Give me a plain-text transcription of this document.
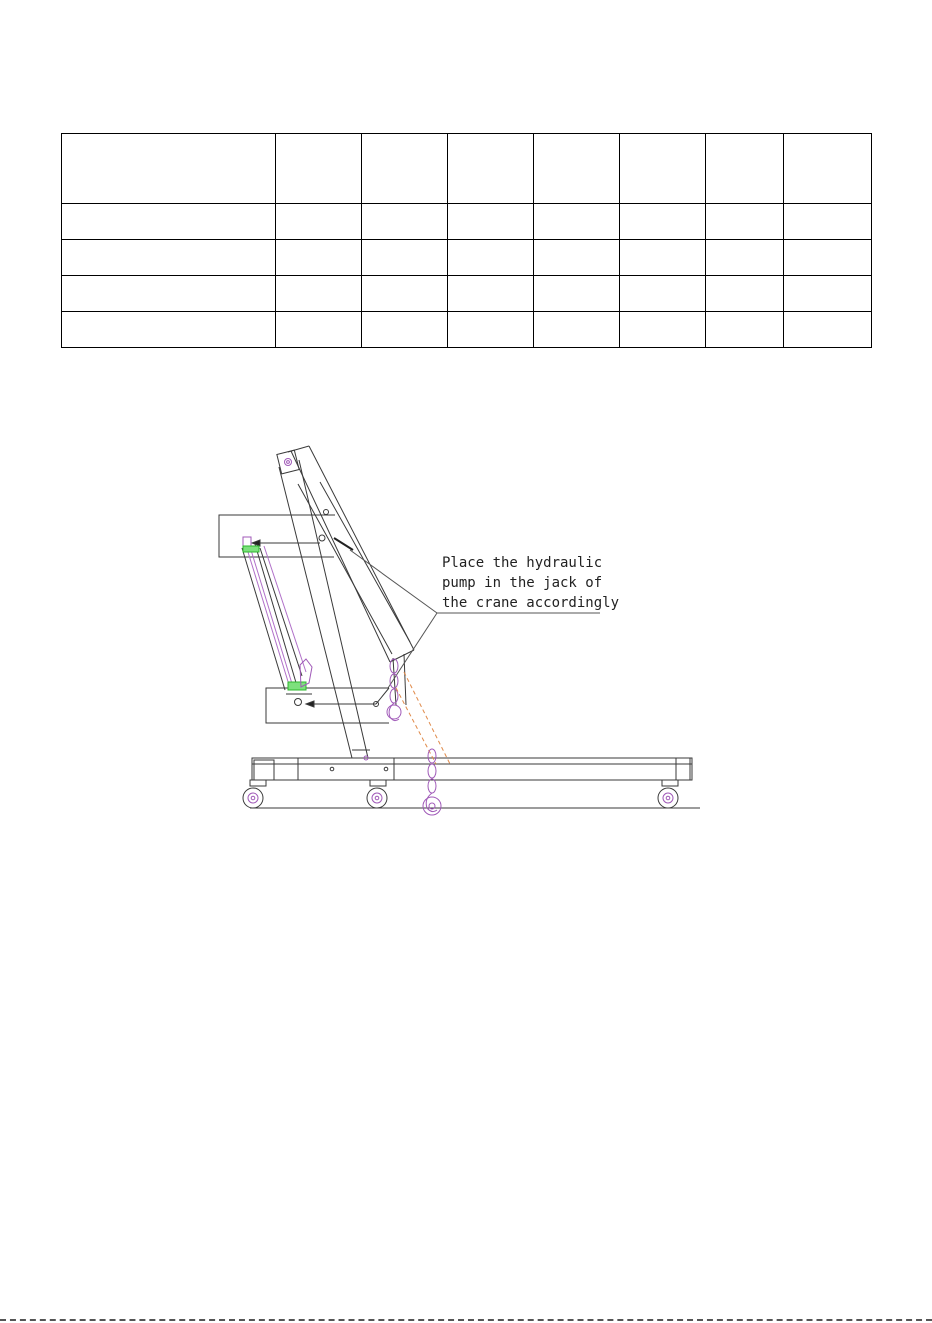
Place the hydraulic
pump in the jack of
the crane accordingly
